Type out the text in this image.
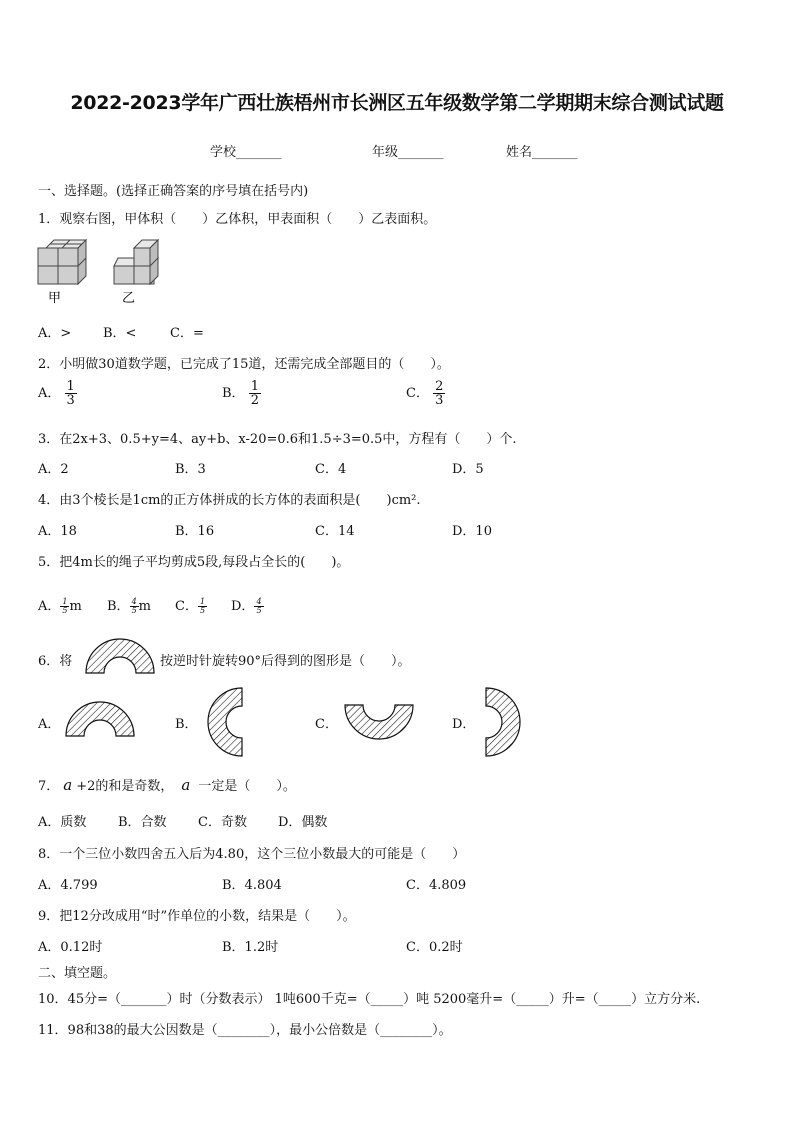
2022-2023学年广西壮族梧州市长洲区五年级数学第二学期期末综合测试试题
学校_______	年级_______	姓名_______
一、选择题。(选择正确答案的序号填在括号内)
1．观察右图，甲体积（　　）乙体积，甲表面积（　　）乙表面积。
甲	乙
A．> B．<	C．=
2．小明做30道数学题，已完成了15道，还需完成全部题目的（　　）。
A． $\frac{1}{3}$	B． $\frac{1}{2}$	C． $\frac{2}{3}$
3．在2x+3、0.5+y=4、ay+b、x-20=0.6和1.5÷3=0.5中，方程有（　　）个.
A．2	B．3	C．4	D．5
4．由3个棱长是1cm的正方体拼成的长方体的表面积是(　　)cm².
A．18	B．16	C．14	D．10
5．把4m长的绳子平均剪成5段,每段占全长的(　　)。
A． $\frac{1}{5}$ m B． $\frac{4}{5}$ m C． $\frac{1}{5}$ D． $\frac{4}{5}$
6．将	按逆时针旋转90°后得到的图形是（　　）。
A．	B．	C．	D．
7． a +2的和是奇数， a 一定是（　　）。
A．质数 B．合数 C．奇数 D．偶数
8．一个三位小数四舍五入后为4.80，这个三位小数最大的可能是（　　）
A．4.799	B．4.804	C．4.809
9．把12分改成用“时”作单位的小数，结果是（　　）。
A．0.12时	B．1.2时	C．0.2时
二、填空题。
10．45分=（_______）时（分数表示） 1吨600千克=（_____）吨 5200毫升=（_____）升=（_____）立方分米.
11．98和38的最大公因数是（________），最小公倍数是（________）。
